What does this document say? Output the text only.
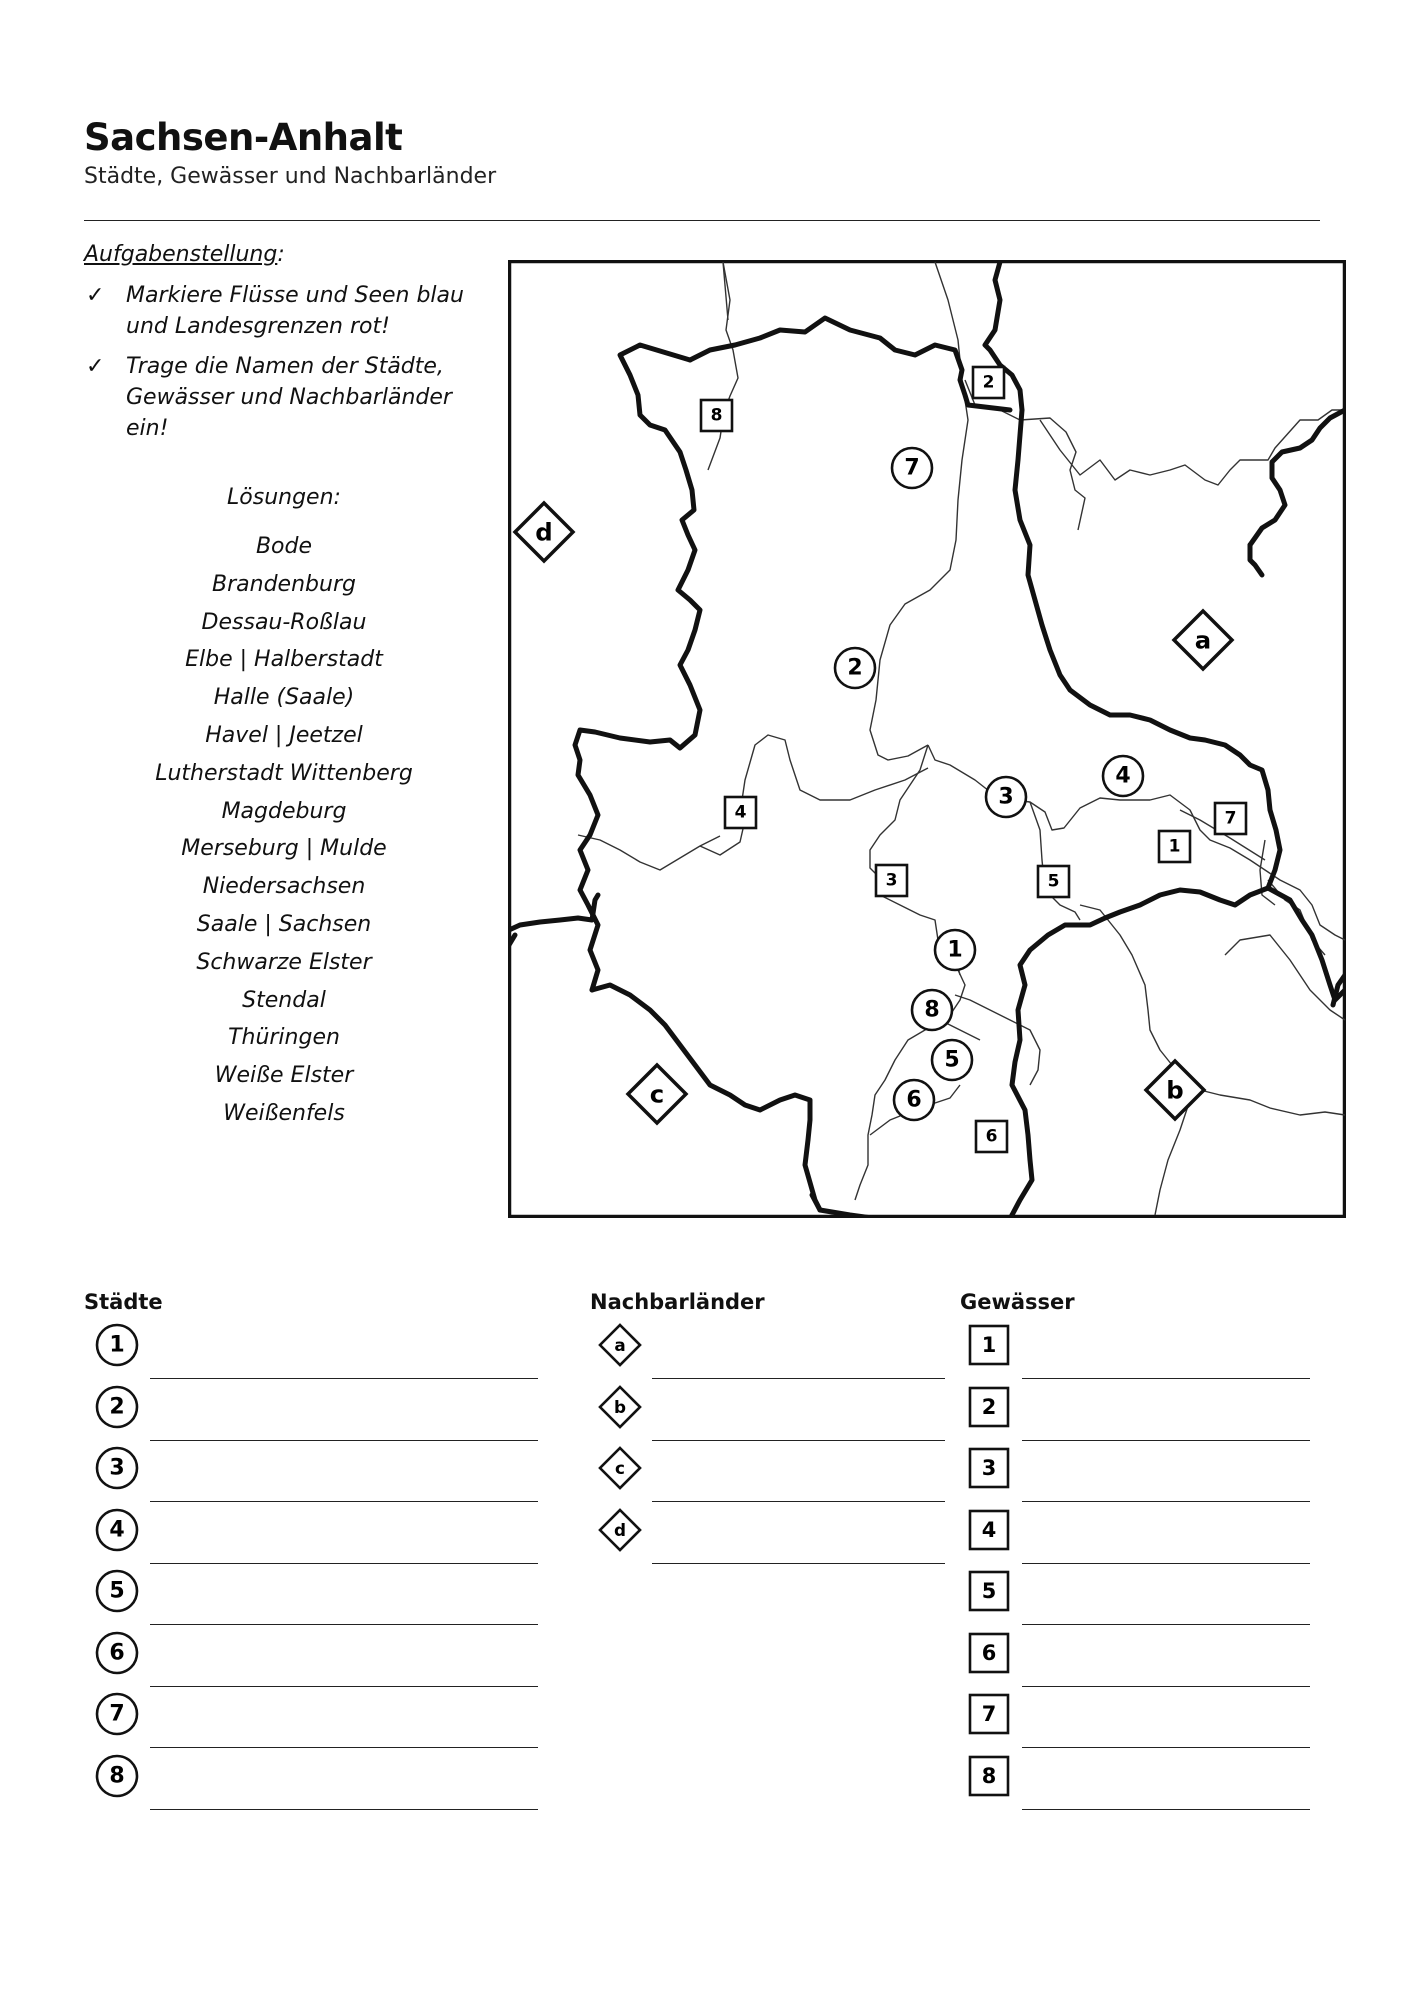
Sachsen-Anhalt
Städte, Gewässer und Nachbarländer
Aufgabenstellung:
✓ Markiere Flüsse und Seen blau und Landesgrenzen rot!
✓ Trage die Namen der Städte, Gewässer und Nachbarländer ein!
Lösungen:
Bode
Brandenburg
Dessau-Roßlau
Elbe | Halberstadt
Halle (Saale)
Havel | Jeetzel
Lutherstadt Wittenberg
Magdeburg
Merseburg | Mulde
Niedersachsen
Saale | Sachsen
Schwarze Elster
Stendal
Thüringen
Weiße Elster
Weißenfels
1
2
3
4
5
6
7
8
1
2
3
4
5
6
7
8
a
b
c
d
Städte	Nachbarländer	Gewässer
1
2
3
4
5
6
7
8
a
b
c
d
1
2
3
4
5
6
7
8
